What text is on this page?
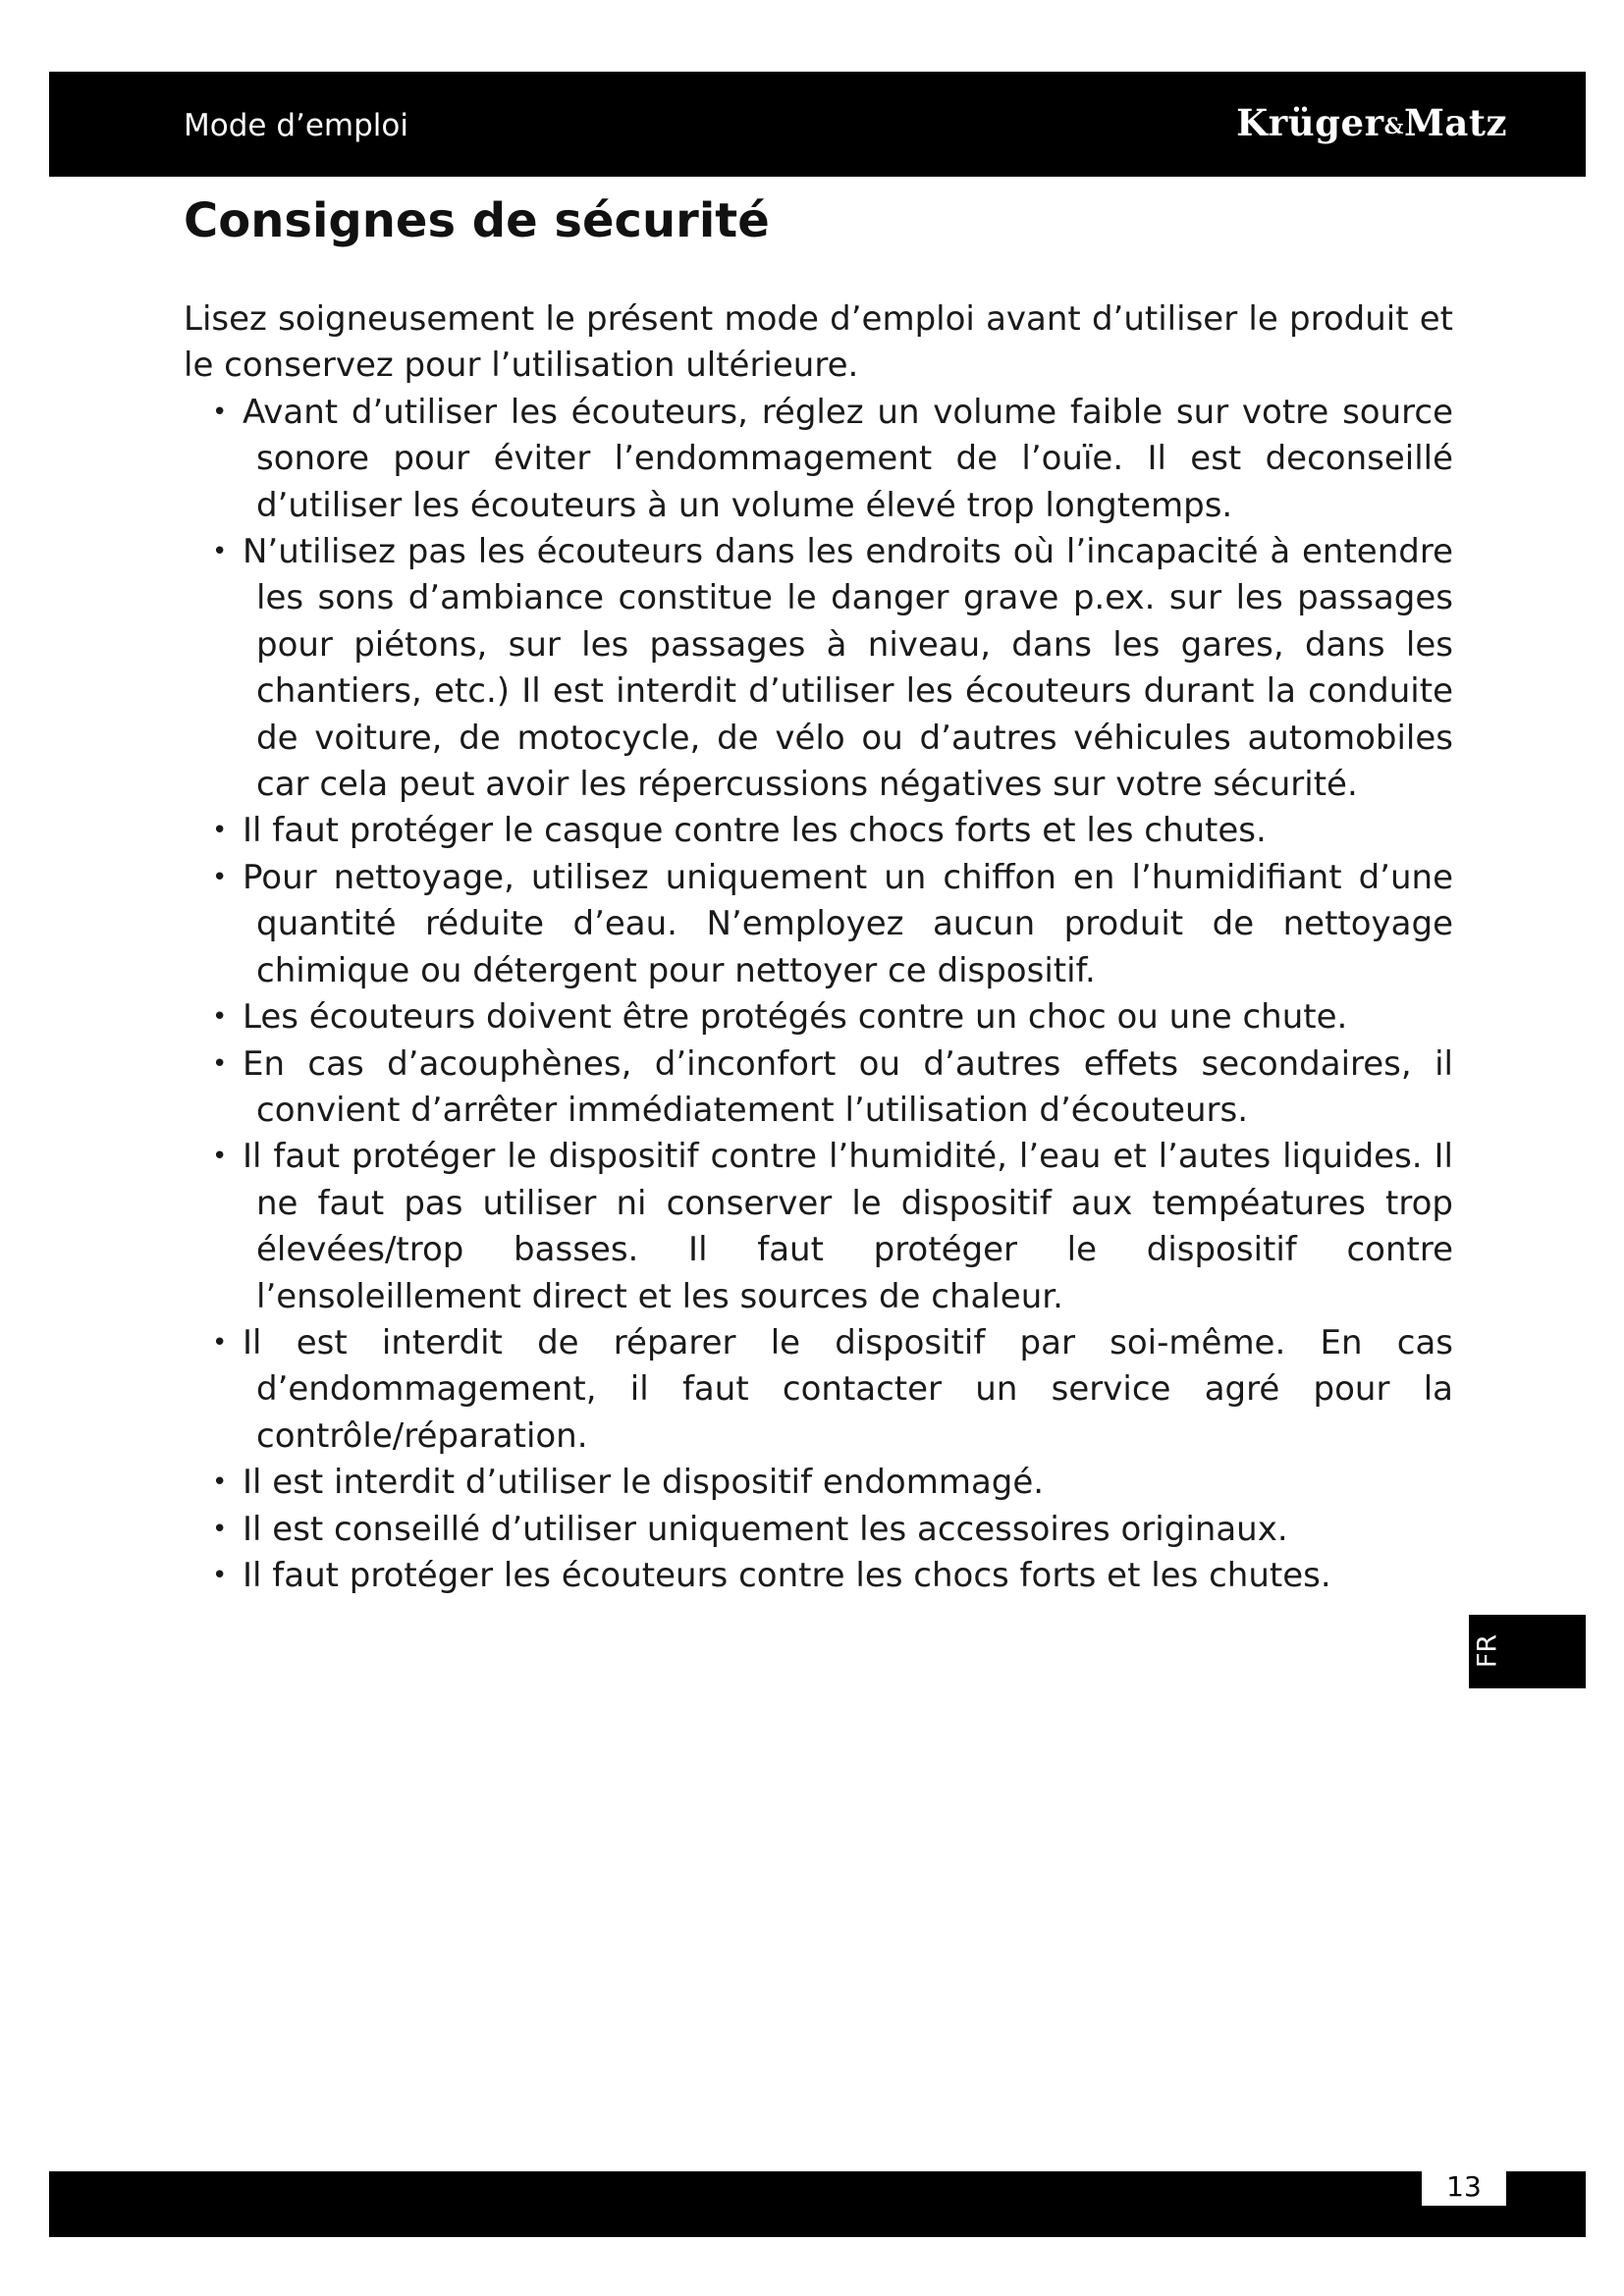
Mode d’emploi	Krüger&Matz
Consignes de sécurité

Lisez soigneusement le présent mode d’emploi avant d’utiliser le produit et le conservez pour l’utilisation ultérieure.

• Avant d’utiliser les écouteurs, réglez un volume faible sur votre source sonore pour éviter l’endommagement de l’ouïe. Il est deconseillé d’utiliser les écouteurs à un volume élevé trop longtemps.
• N’utilisez pas les écouteurs dans les endroits où l’incapacité à entendre les sons d’ambiance constitue le danger grave p.ex. sur les passages pour piétons, sur les passages à niveau, dans les gares, dans les chantiers, etc.) Il est interdit d’utiliser les écouteurs durant la conduite de voiture, de motocycle, de vélo ou d’autres véhicules automobiles car cela peut avoir les répercussions négatives sur votre sécurité.
• Il faut protéger le casque contre les chocs forts et les chutes.
• Pour nettoyage, utilisez uniquement un chiffon en l’humidifiant d’une quantité réduite d’eau. N’employez aucun produit de nettoyage chimique ou détergent pour nettoyer ce dispositif.
• Les écouteurs doivent être protégés contre un choc ou une chute.
• En cas d’acouphènes, d’inconfort ou d’autres effets secondaires, il convient d’arrêter immédiatement l’utilisation d’écouteurs.
• Il faut protéger le dispositif contre l’humidité, l’eau et l’autes liquides. Il ne faut pas utiliser ni conserver le dispositif aux tempéatures trop élevées/trop basses. Il faut protéger le dispositif contre l’ensoleillement direct et les sources de chaleur.
• Il est interdit de réparer le dispositif par soi-même. En cas d’endommagement, il faut contacter un service agré pour la contrôle/réparation.
• Il est interdit d’utiliser le dispositif endommagé.
• Il est conseillé d’utiliser uniquement les accessoires originaux.
• Il faut protéger les écouteurs contre les chocs forts et les chutes.
FR
13
